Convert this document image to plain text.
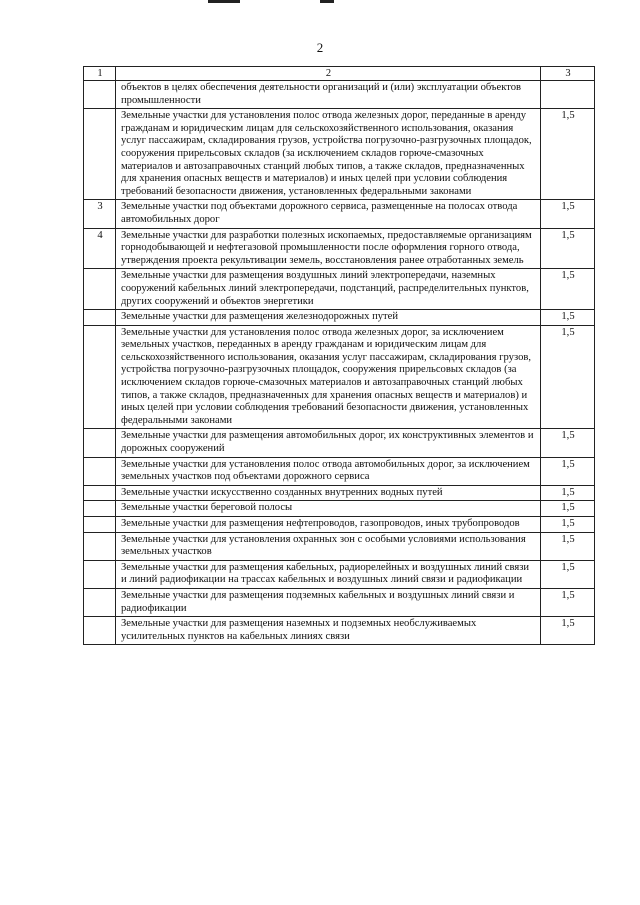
2
1	2	3
	объектов в целях обеспечения деятельности организаций и (или) эксплуатации объектов промышленности	
	Земельные участки для установления полос отвода железных дорог, переданные в аренду гражданам и юридическим лицам для сельскохозяйственного использования, оказания услуг пассажирам, складирования грузов, устройства погрузочно-разгрузочных площадок, сооружения прирельсовых складов (за исключением складов горюче-смазочных материалов и автозаправочных станций любых типов, а также складов, предназначенных для хранения опасных веществ и материалов) и иных целей при условии соблюдения требований безопасности движения, установленных федеральными законами	1,5
3	Земельные участки под объектами дорожного сервиса, размещенные на полосах отвода автомобильных дорог	1,5
4	Земельные участки для разработки полезных ископаемых, предоставляемые организациям горнодобывающей и нефтегазовой промышленности после оформления горного отвода, утверждения проекта рекультивации земель, восстановления ранее отработанных земель	1,5
	Земельные участки для размещения воздушных линий электропередачи, наземных сооружений кабельных линий электропередачи, подстанций, распределительных пунктов, других сооружений и объектов энергетики	1,5
	Земельные участки для размещения железнодорожных путей	1,5
	Земельные участки для установления полос отвода железных дорог, за исключением земельных участков, переданных в аренду гражданам и юридическим лицам для сельскохозяйственного использования, оказания услуг пассажирам, складирования грузов, устройства погрузочно-разгрузочных площадок, сооружения прирельсовых складов (за исключением складов горюче-смазочных материалов и автозаправочных станций любых типов, а также складов, предназначенных для хранения опасных веществ и материалов) и иных целей при условии соблюдения требований безопасности движения, установленных федеральными законами	1,5
	Земельные участки для размещения автомобильных дорог, их конструктивных элементов и дорожных сооружений	1,5
	Земельные участки для установления полос отвода автомобильных дорог, за исключением земельных участков под объектами дорожного сервиса	1,5
	Земельные участки искусственно созданных внутренних водных путей	1,5
	Земельные участки береговой полосы	1,5
	Земельные участки для размещения нефтепроводов, газопроводов, иных трубопроводов	1,5
	Земельные участки для установления охранных зон с особыми условиями использования земельных участков	1,5
	Земельные участки для размещения кабельных, радиорелейных и воздушных линий связи и линий радиофикации на трассах кабельных и воздушных линий связи и радиофикации	1,5
	Земельные участки для размещения подземных кабельных и воздушных линий связи и радиофикации	1,5
	Земельные участки для размещения наземных и подземных необслуживаемых усилительных пунктов на кабельных линиях связи	1,5
